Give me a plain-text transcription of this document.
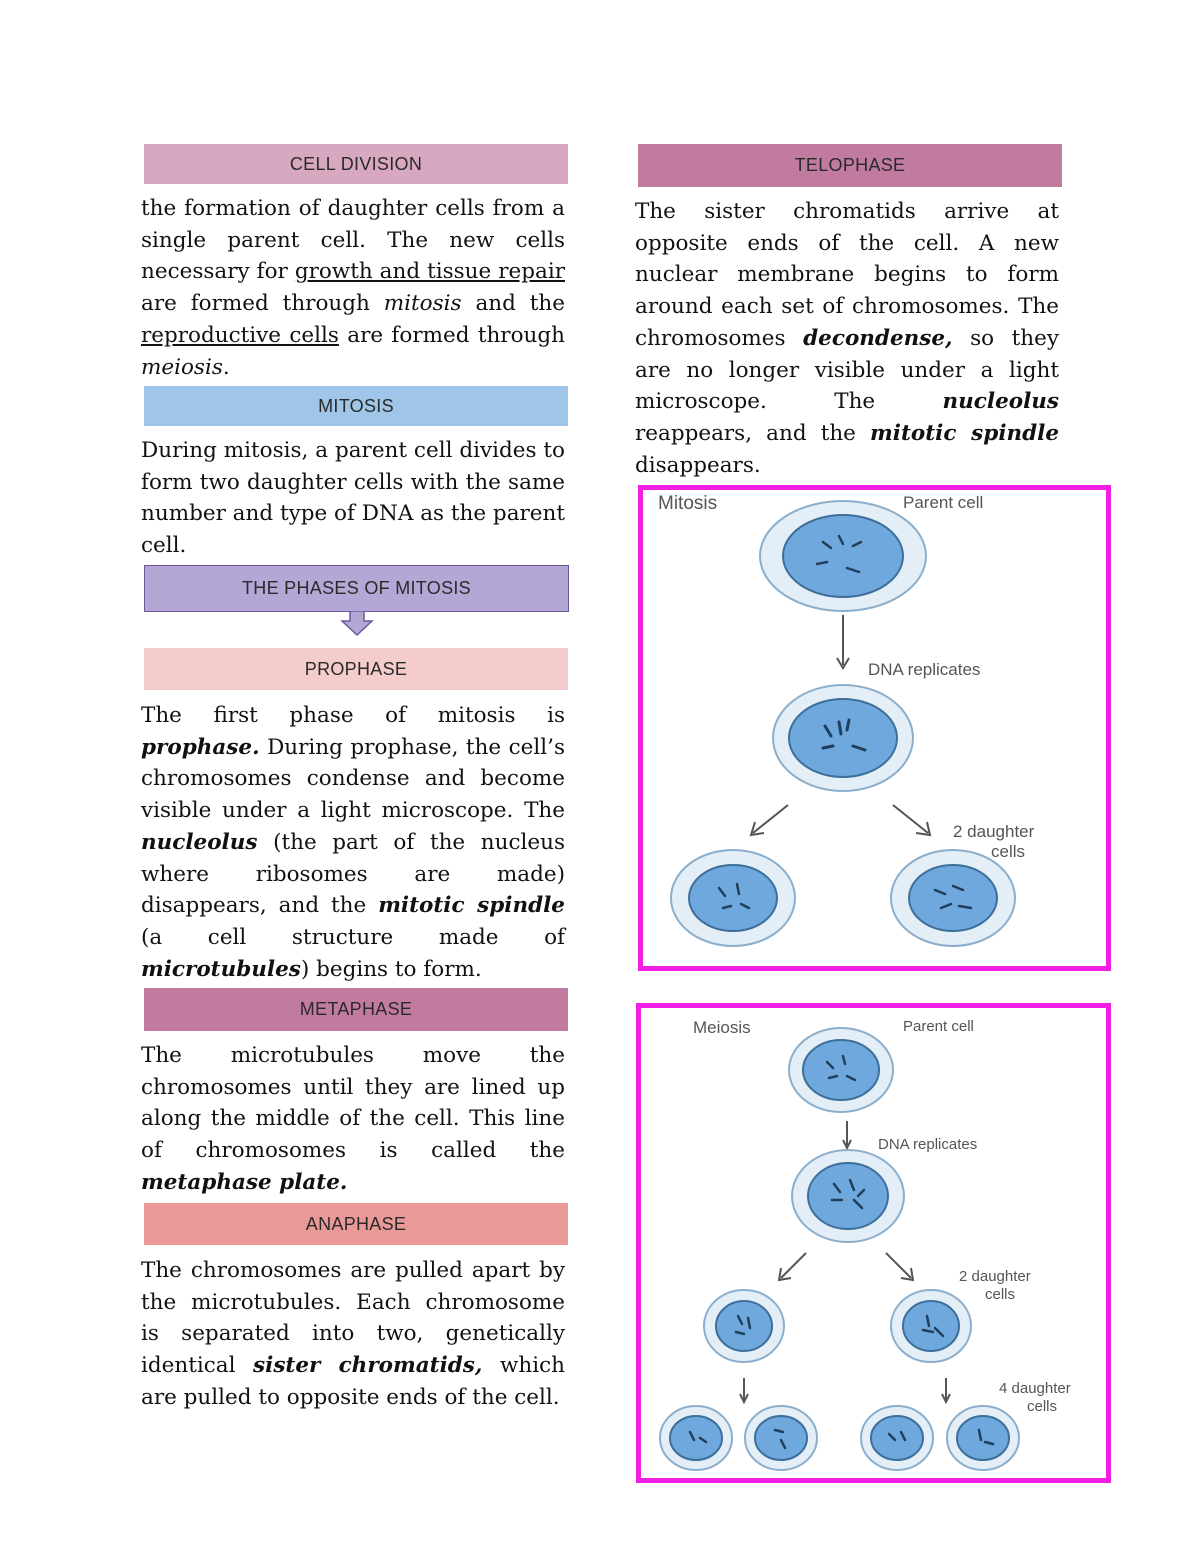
CELL DIVISION

the formation of daughter cells from a single parent cell. The new cells necessary for growth and tissue repair are formed through mitosis and the reproductive cells are formed through meiosis.

MITOSIS

During mitosis, a parent cell divides to form two daughter cells with the same number and type of DNA as the parent cell.

THE PHASES OF MITOSIS
PROPHASE

The first phase of mitosis is prophase. During prophase, the cell’s chromosomes condense and become visible under a light microscope. The nucleolus (the part of the nucleus where ribosomes are made) disappears, and the mitotic spindle (a cell structure made of microtubules) begins to form.

METAPHASE

The microtubules move the chromosomes until they are lined up along the middle of the cell. This line of chromosomes is called the metaphase plate.

ANAPHASE

The chromosomes are pulled apart by the microtubules. Each chromosome is separated into two, genetically identical sister chromatids, which are pulled to opposite ends of the cell.

TELOPHASE

The sister chromatids arrive at opposite ends of the cell. A new nuclear membrane begins to form around each set of chromosomes. The chromosomes decondense, so they are no longer visible under a light microscope. The nucleolus reappears, and the mitotic spindle disappears.

Mitosis	Parent cell
DNA replicates
2 daughter
cells
Meiosis	Parent cell
DNA replicates
2 daughter
cells
4 daughter
cells
